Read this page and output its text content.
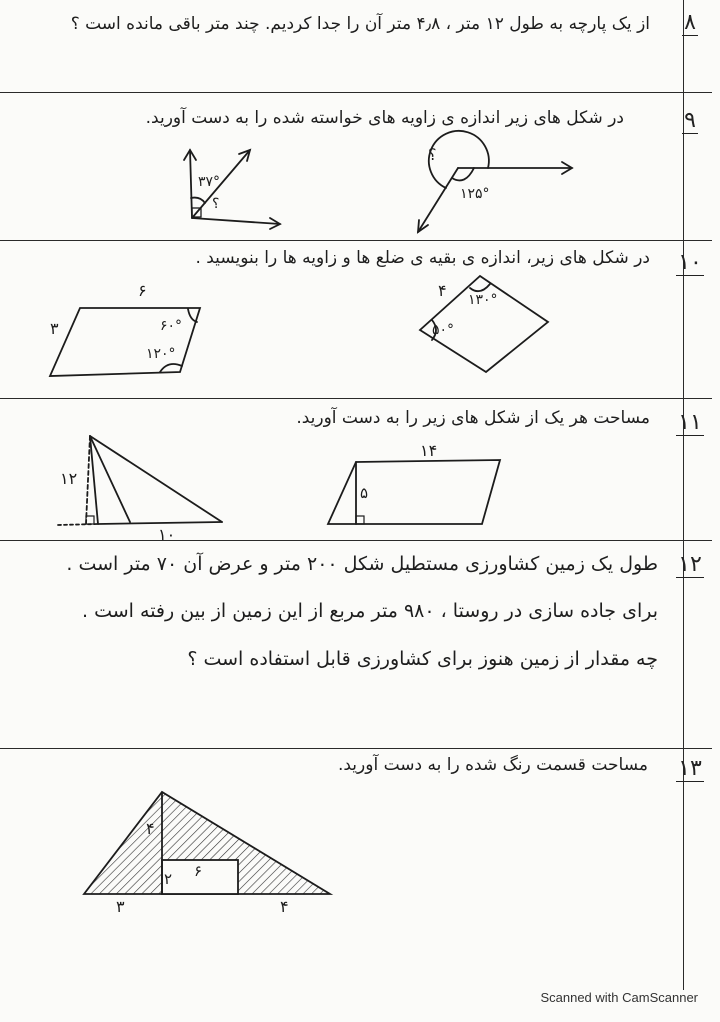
۸
از یک پارچه به طول ۱۲ متر ، ۴٫۸ متر آن را جدا کردیم. چند متر باقی مانده است ؟
۹
در شکل های زیر اندازه ی زاویه های خواسته شده را به دست آورید.
۱۰
در شکل های زیر، اندازه ی بقیه ی ضلع ها و زاویه ها را بنویسید .
۱۱
مساحت هر یک از شکل های زیر را به دست آورید.
۱۲
طول یک زمین کشاورزی مستطیل شکل ۲۰۰ متر و عرض آن ۷۰ متر است .
برای جاده سازی در روستا ، ۹۸۰ متر مربع از این زمین از بین رفته است .
چه مقدار از زمین هنوز برای کشاورزی قابل استفاده است ؟
۱۳
مساحت قسمت رنگ شده را به دست آورید.
۳۷°
؟
؟
۱۲۵°
۶
۳	۶۰°
۱۲۰°
۴ ۱۳۰°
۵۰°
۱۲
۱۰
۱۴
۵
۴
۶
۲
۳	۴
Scanned with CamScanner
